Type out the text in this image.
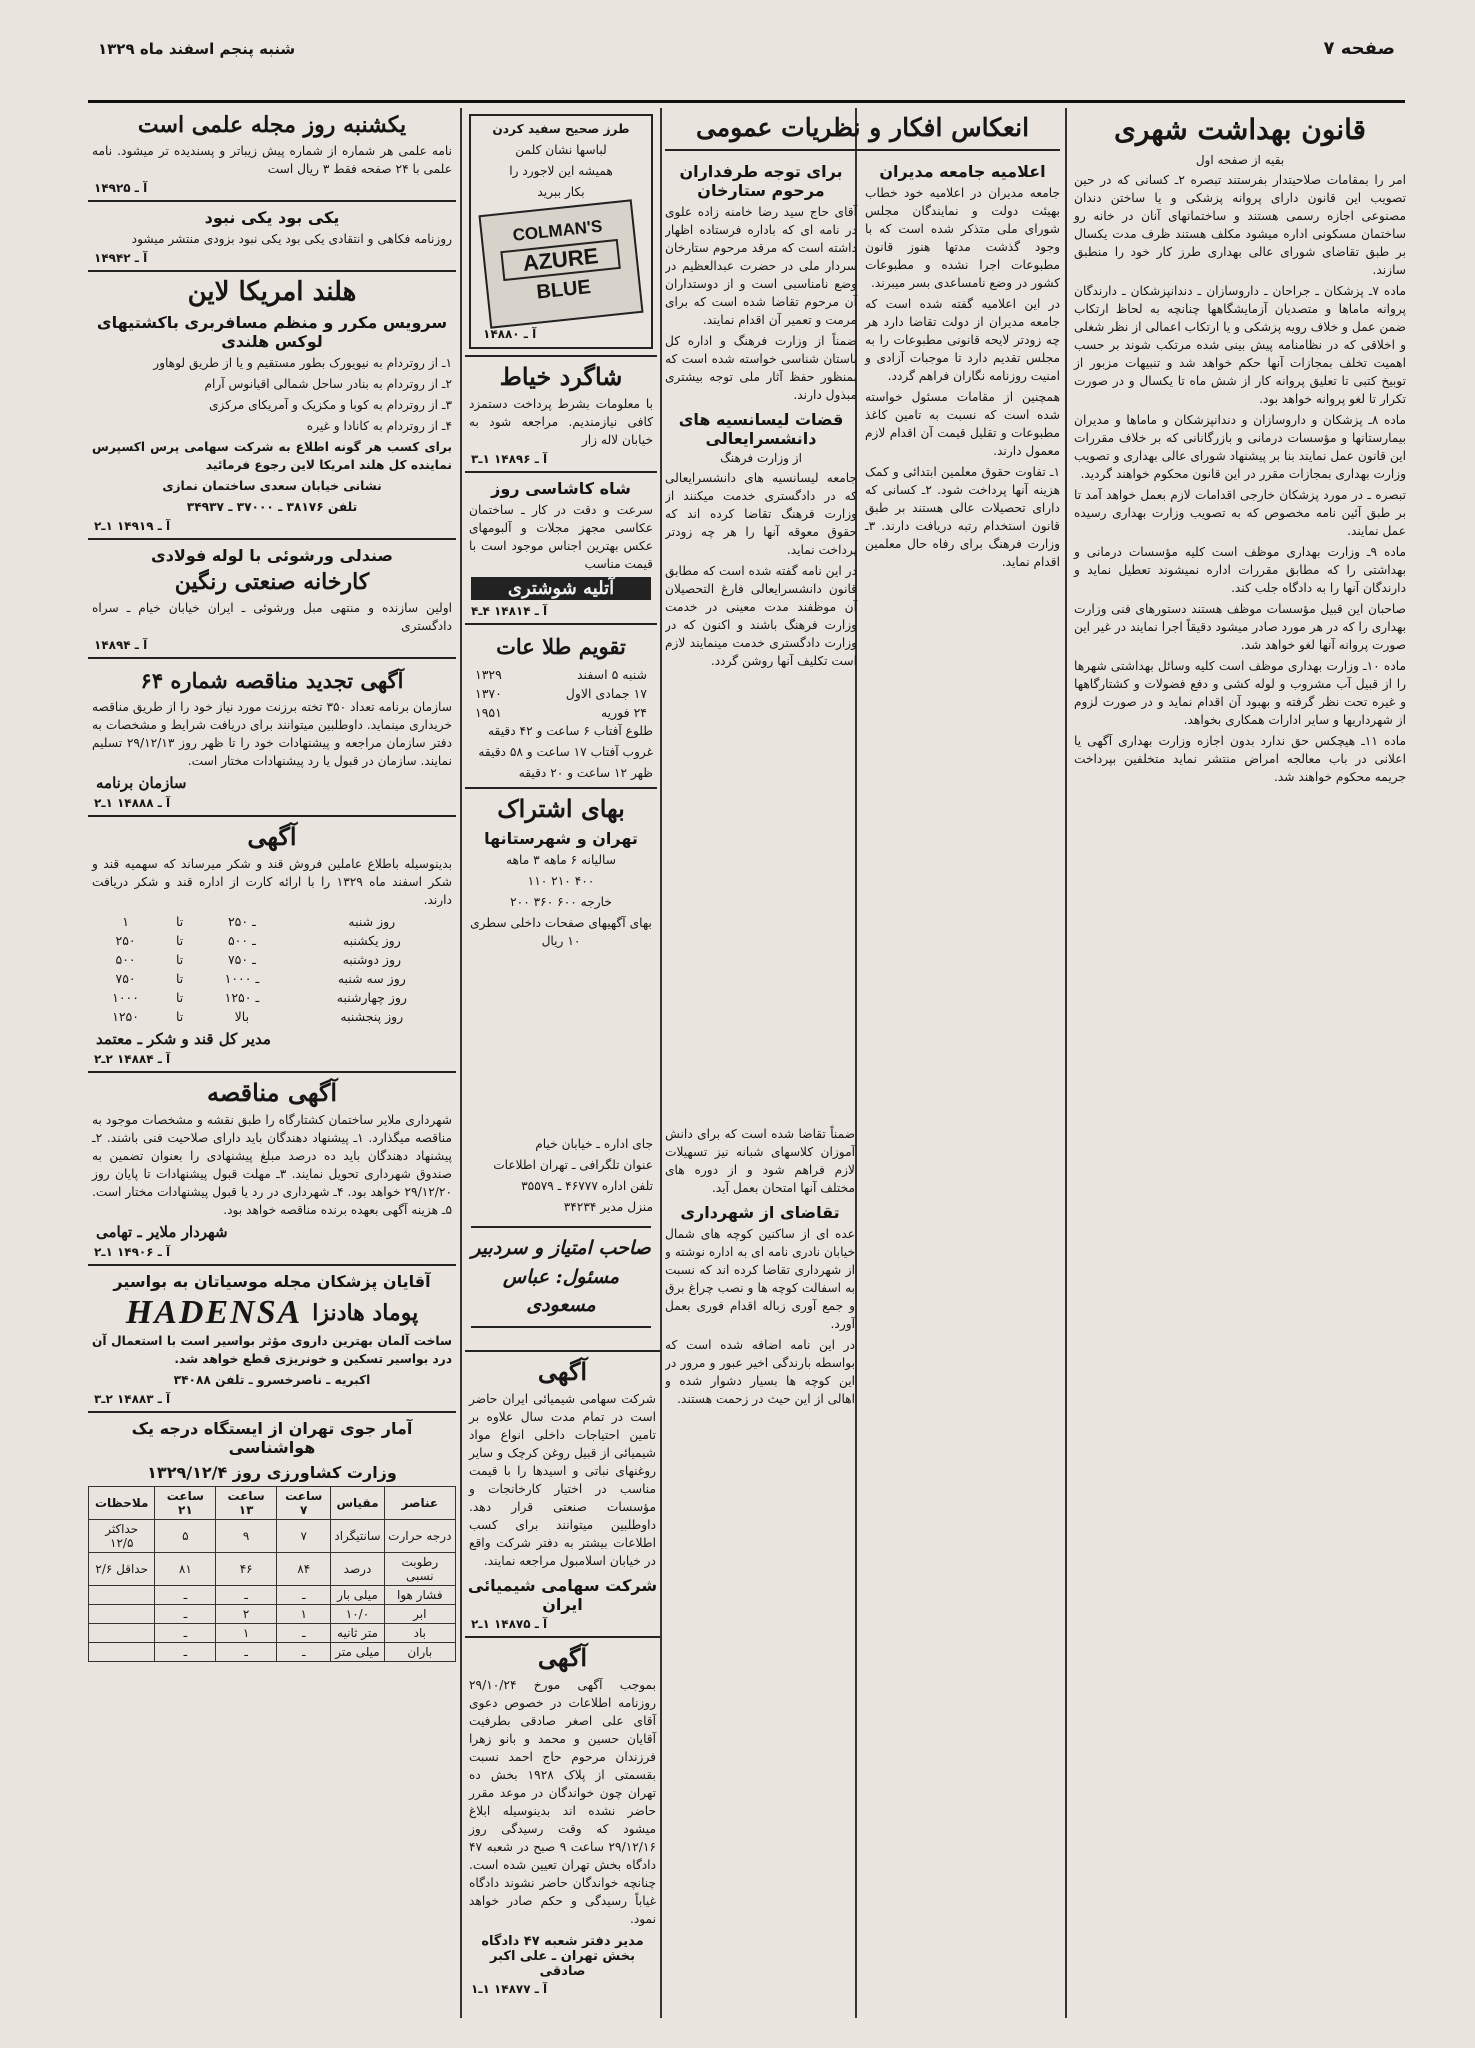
صفحه ۷
شنبه پنجم اسفند ماه ۱۳۲۹
قانون بهداشت شهری
بقیه از صفحه اول

امر را بمقامات صلاحیتدار بفرستند تبصره ۲ـ کسانی که در حین تصویب این قانون دارای پروانه پزشکی و یا ساختن دندان مصنوعی اجازه رسمی هستند و ساختمانهای آنان در خانه رو ساختمان مسکونی اداره میشود مکلف هستند ظرف مدت یکسال بر طبق تقاضای شورای عالی بهداری طرز کار خود را منطبق سازند.

ماده ۷ـ پزشکان ـ جراحان ـ داروسازان ـ دندانپزشکان ـ دارندگان پروانه ماماها و متصدیان آزمایشگاهها چنانچه به لحاظ ارتکاب ضمن عمل و خلاف رویه پزشکی و یا ارتکاب اعمالی از نظر شغلی و اخلاقی که در نظامنامه پیش بینی شده مرتکب شوند بر حسب اهمیت تخلف بمجازات آنها حکم خواهد شد و تنبیهات مزبور از توبیخ کتبی تا تعلیق پروانه کار از شش ماه تا یکسال و در صورت تکرار تا لغو پروانه خواهد بود.

ماده ۸ـ پزشکان و داروسازان و دندانپزشکان و ماماها و مدیران بیمارستانها و مؤسسات درمانی و بازرگانانی که بر خلاف مقررات این قانون عمل نمایند بنا بر پیشنهاد شورای عالی بهداری و تصویب وزارت بهداری بمجازات مقرر در این قانون محکوم خواهند گردید.

تبصره ـ در مورد پزشکان خارجی اقدامات لازم بعمل خواهد آمد تا بر طبق آئین نامه مخصوص که به تصویب وزارت بهداری رسیده عمل نمایند.

ماده ۹ـ وزارت بهداری موظف است کلیه مؤسسات درمانی و بهداشتی را که مطابق مقررات اداره نمیشوند تعطیل نماید و دارندگان آنها را به دادگاه جلب کند.

صاحبان این قبیل مؤسسات موظف هستند دستورهای فنی وزارت بهداری را که در هر مورد صادر میشود دقیقاً اجرا نمایند در غیر این صورت پروانه آنها لغو خواهد شد.

ماده ۱۰ـ وزارت بهداری موظف است کلیه وسائل بهداشتی شهرها را از قبیل آب مشروب و لوله کشی و دفع فضولات و کشتارگاهها و غیره تحت نظر گرفته و بهبود آن اقدام نماید و در صورت لزوم از شهرداریها و سایر ادارات همکاری بخواهد.

ماده ۱۱ـ هیچکس حق ندارد بدون اجازه وزارت بهداری آگهی یا اعلانی در باب معالجه امراض منتشر نماید متخلفین بپرداخت جریمه محکوم خواهند شد.

انعکاس افکار و نظریات عمومی
اعلامیه جامعه مدیران

جامعه مدیران در اعلامیه خود خطاب بهیئت دولت و نمایندگان مجلس شورای ملی متذکر شده است که با وجود گذشت مدتها هنوز قانون مطبوعات اجرا نشده و مطبوعات کشور در وضع نامساعدی بسر میبرند.

در این اعلامیه گفته شده است که جامعه مدیران از دولت تقاضا دارد هر چه زودتر لایحه قانونی مطبوعات را به مجلس تقدیم دارد تا موجبات آزادی و امنیت روزنامه نگاران فراهم گردد.

همچنین از مقامات مسئول خواسته شده است که نسبت به تامین کاغذ مطبوعات و تقلیل قیمت آن اقدام لازم معمول دارند.

۱ـ تفاوت حقوق معلمین ابتدائی و کمک هزینه آنها پرداخت شود. ۲ـ کسانی که دارای تحصیلات عالی هستند بر طبق قانون استخدام رتبه دریافت دارند. ۳ـ وزارت فرهنگ برای رفاه حال معلمین اقدام نماید.

برای توجه طرفداران مرحوم ستارخان

آقای حاج سید رضا خامنه زاده علوی در نامه ای که باداره فرستاده اظهار داشته است که مرقد مرحوم ستارخان سردار ملی در حضرت عبدالعظیم در وضع نامناسبی است و از دوستداران آن مرحوم تقاضا شده است که برای مرمت و تعمیر آن اقدام نمایند.

ضمناً از وزارت فرهنگ و اداره کل باستان شناسی خواسته شده است که بمنظور حفظ آثار ملی توجه بیشتری مبذول دارند.

قضات لیسانسیه های دانشسرایعالی
از وزارت فرهنگ

جامعه لیسانسیه های دانشسرایعالی که در دادگستری خدمت میکنند از وزارت فرهنگ تقاضا کرده اند که حقوق معوقه آنها را هر چه زودتر پرداخت نماید.

در این نامه گفته شده است که مطابق قانون دانشسرایعالی فارغ التحصیلان آن موظفند مدت معینی در خدمت وزارت فرهنگ باشند و اکنون که در وزارت دادگستری خدمت مینمایند لازم است تکلیف آنها روشن گردد.

ضمناً تقاضا شده است که برای دانش آموزان کلاسهای شبانه نیز تسهیلات لازم فراهم شود و از دوره های مختلف آنها امتحان بعمل آید.

تقاضای از شهرداری

عده ای از ساکنین کوچه های شمال خیابان نادری نامه ای به اداره نوشته و از شهرداری تقاضا کرده اند که نسبت به اسفالت کوچه ها و نصب چراغ برق و جمع آوری زباله اقدام فوری بعمل آورد.

در این نامه اضافه شده است که بواسطه بارندگی اخیر عبور و مرور در این کوچه ها بسیار دشوار شده و اهالی از این حیث در زحمت هستند.

طرز صحیح سفید کردن
لباسها نشان کلمن
همیشه این لاجورد را
بکار ببرید
COLMAN'S
AZURE
BLUE
آ ـ ۱۴۸۸۰
شاگرد خیاط

با معلومات بشرط پرداخت دستمزد کافی نیازمندیم. مراجعه شود به خیابان لاله زار

آ ـ ۱۴۸۹۶ ۱ـ۳
شاه کاشاسی روز

سرعت و دقت در کار ـ ساختمان عکاسی مجهز مجلات و آلبومهای عکس بهترین اجناس موجود است با قیمت مناسب

آتلیه شوشتری
آ ـ ۱۴۸۱۴ ۴ـ۴
تقویم طلا عات
شنبه ۵ اسفند
۱۳۲۹
۱۷ جمادی الاول
۱۳۷۰
۲۴ فوریه
۱۹۵۱

طلوع آفتاب ۶ ساعت و ۴۲ دقیقه

غروب آفتاب ۱۷ ساعت و ۵۸ دقیقه

ظهر ۱۲ ساعت و ۲۰ دقیقه

بهای اشتراک
تهران و شهرستانها

سالیانه ۶ ماهه ۳ ماهه

۴۰۰ ۲۱۰ ۱۱۰

خارجه ۶۰۰ ۳۶۰ ۲۰۰

بهای آگهیهای صفحات داخلی سطری ۱۰ ریال

جای اداره ـ خیابان خیام

عنوان تلگرافی ـ تهران اطلاعات

تلفن اداره ۴۶۷۷۷ ـ ۳۵۵۷۹

منزل مدیر ۳۴۲۳۴

صاحب امتیاز و سردبیر مسئول: عباس مسعودی
آگهی

شرکت سهامی شیمیائی ایران حاضر است در تمام مدت سال علاوه بر تامین احتیاجات داخلی انواع مواد شیمیائی از قبیل روغن کرچک و سایر روغنهای نباتی و اسیدها را با قیمت مناسب در اختیار کارخانجات و مؤسسات صنعتی قرار دهد. داوطلبین میتوانند برای کسب اطلاعات بیشتر به دفتر شرکت واقع در خیابان اسلامبول مراجعه نمایند.

شرکت سهامی شیمیائی ایران
آ ـ ۱۴۸۷۵ ۱ـ۲
آگهی

بموجب آگهی مورخ ۲۹/۱۰/۲۴ روزنامه اطلاعات در خصوص دعوی آقای علی اصغر صادقی بطرفیت آقایان حسین و محمد و بانو زهرا فرزندان مرحوم حاج احمد نسبت بقسمتی از پلاک ۱۹۲۸ بخش ده تهران چون خواندگان در موعد مقرر حاضر نشده اند بدینوسیله ابلاغ میشود که وقت رسیدگی روز ۲۹/۱۲/۱۶ ساعت ۹ صبح در شعبه ۴۷ دادگاه بخش تهران تعیین شده است. چنانچه خواندگان حاضر نشوند دادگاه غیاباً رسیدگی و حکم صادر خواهد نمود.

مدیر دفتر شعبه ۴۷ دادگاه بخش تهران ـ علی اکبر صادقی
آ ـ ۱۴۸۷۷ ۱ـ۱
یکشنبه روز مجله علمی است

نامه علمی هر شماره از شماره پیش زیباتر و پسندیده تر میشود. نامه علمی با ۲۴ صفحه فقط ۳ ریال است

آ ـ ۱۴۹۲۵
یکی بود یکی نبود

روزنامه فکاهی و انتقادی یکی بود یکی نبود بزودی منتشر میشود

آ ـ ۱۴۹۴۲
هلند امریکا لاین
سرویس مکرر و منظم مسافربری باکشتیهای لوکس هلندی

۱ـ از روتردام به نیویورک بطور مستقیم و یا از طریق لوهاور

۲ـ از روتردام به بنادر ساحل شمالی اقیانوس آرام

۳ـ از روتردام به کوبا و مکزیک و آمریکای مرکزی

۴ـ از روتردام به کانادا و غیره

برای کسب هر گونه اطلاع به شرکت سهامی پرس اکسپرس نماینده کل هلند امریکا لاین رجوع فرمائید

نشانی خیابان سعدی ساختمان نمازی

تلفن ۳۸۱۷۶ ـ ۳۷۰۰۰ ـ ۳۴۹۳۷

آ ـ ۱۴۹۱۹ ۱ـ۲
صندلی ورشوئی با لوله فولادی
کارخانه صنعتی رنگین

اولین سازنده و منتهی مبل ورشوئی ـ ایران خیابان خیام ـ سراه دادگستری

آ ـ ۱۴۸۹۴
آگهی تجدید مناقصه شماره ۶۴

سازمان برنامه تعداد ۳۵۰ تخته برزنت مورد نیاز خود را از طریق مناقصه خریداری مینماید. داوطلبین میتوانند برای دریافت شرایط و مشخصات به دفتر سازمان مراجعه و پیشنهادات خود را تا ظهر روز ۲۹/۱۲/۱۳ تسلیم نمایند. سازمان در قبول یا رد پیشنهادات مختار است.

سازمان برنامه
آ ـ ۱۴۸۸۸ ۱ـ۲
آگهی

بدینوسیله باطلاع عاملین فروش قند و شکر میرساند که سهمیه قند و شکر اسفند ماه ۱۳۲۹ را با ارائه کارت از اداره قند و شکر دریافت دارند.

روز شنبه	ـ ۲۵۰	تا	۱
روز یکشنبه	ـ ۵۰۰	تا	۲۵۰
روز دوشنبه	ـ ۷۵۰	تا	۵۰۰
روز سه شنبه	ـ ۱۰۰۰	تا	۷۵۰
روز چهارشنبه	ـ ۱۲۵۰	تا	۱۰۰۰
روز پنجشنبه	بالا	تا	۱۲۵۰
مدیر کل قند و شکر ـ معتمد
آ ـ ۱۴۸۸۴ ۲ـ۲
آگهی مناقصه

شهرداری ملایر ساختمان کشتارگاه را طبق نقشه و مشخصات موجود به مناقصه میگذارد. ۱ـ پیشنهاد دهندگان باید دارای صلاحیت فنی باشند. ۲ـ پیشنهاد دهندگان باید ده درصد مبلغ پیشنهادی را بعنوان تضمین به صندوق شهرداری تحویل نمایند. ۳ـ مهلت قبول پیشنهادات تا پایان روز ۲۹/۱۲/۲۰ خواهد بود. ۴ـ شهرداری در رد یا قبول پیشنهادات مختار است. ۵ـ هزینه آگهی بعهده برنده مناقصه خواهد بود.

شهردار ملایر ـ تهامی
آ ـ ۱۴۹۰۶ ۱ـ۲
آقایان پزشکان مجله موسیاتان به بواسیر
پوماد هادنزا
HADENSA

ساخت آلمان بهترین داروی مؤثر بواسیر است با استعمال آن درد بواسیر تسکین و خونریزی قطع خواهد شد.

اکبریه ـ ناصرخسرو ـ تلفن ۳۴۰۸۸

آ ـ ۱۴۸۸۳ ۲ـ۳
آمار جوی تهران از ایستگاه درجه یک هواشناسی
وزارت کشاورزی روز ۱۳۲۹/۱۲/۴
عناصر	مقیاس	ساعت ۷	ساعت ۱۳	ساعت ۲۱	ملاحظات
درجه حرارت	سانتیگراد	۷	۹	۵	حداکثر ۱۲/۵
رطوبت نسبی	درصد	۸۴	۴۶	۸۱	حداقل ۲/۶
فشار هوا	میلی بار	ـ	ـ	ـ	
ابر	۱۰/۰	۱	۲	ـ	
باد	متر ثانیه	ـ	۱	ـ	
باران	میلی متر	ـ	ـ	ـ	
